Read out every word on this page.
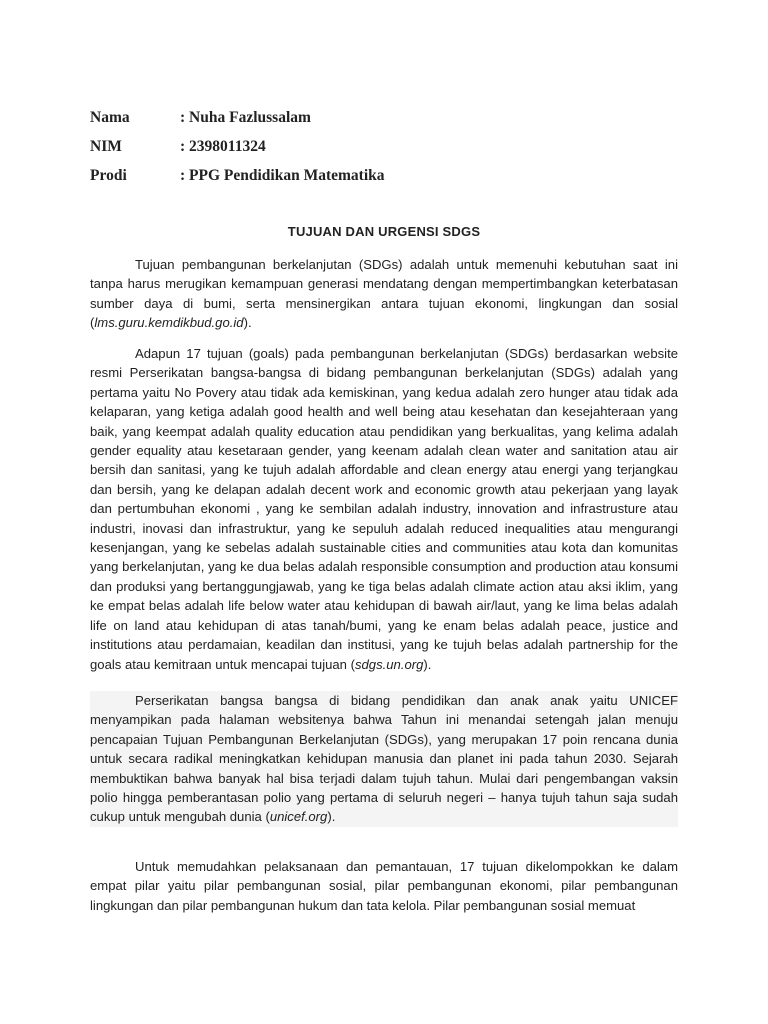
Nama	: Nuha Fazlussalam
NIM	: 2398011324
Prodi	: PPG Pendidikan Matematika
TUJUAN DAN URGENSI SDGS

Tujuan pembangunan berkelanjutan (SDGs) adalah untuk memenuhi kebutuhan saat ini tanpa harus merugikan kemampuan generasi mendatang dengan mempertimbangkan keterbatasan sumber daya di bumi, serta mensinergikan antara tujuan ekonomi, lingkungan dan sosial (lms.guru.kemdikbud.go.id).

Adapun 17 tujuan (goals) pada pembangunan berkelanjutan (SDGs) berdasarkan website resmi Perserikatan bangsa-bangsa di bidang pembangunan berkelanjutan (SDGs) adalah yang pertama yaitu No Povery atau tidak ada kemiskinan, yang kedua adalah zero hunger atau tidak ada kelaparan, yang ketiga adalah good health and well being atau kesehatan dan kesejahteraan yang baik, yang keempat adalah quality education atau pendidikan yang berkualitas, yang kelima adalah gender equality atau kesetaraan gender, yang keenam adalah clean water and sanitation atau air bersih dan sanitasi, yang ke tujuh adalah affordable and clean energy atau energi yang terjangkau dan bersih, yang ke delapan adalah decent work and economic growth atau pekerjaan yang layak dan pertumbuhan ekonomi , yang ke sembilan adalah industry, innovation and infrastrusture atau industri, inovasi dan infrastruktur, yang ke sepuluh adalah reduced inequalities atau mengurangi kesenjangan, yang ke sebelas adalah sustainable cities and communities atau kota dan komunitas yang berkelanjutan, yang ke dua belas adalah responsible consumption and production atau konsumi dan produksi yang bertanggungjawab, yang ke tiga belas adalah climate action atau aksi iklim, yang ke empat belas adalah life below water atau kehidupan di bawah air/laut, yang ke lima belas adalah life on land atau kehidupan di atas tanah/bumi, yang ke enam belas adalah peace, justice and institutions atau perdamaian, keadilan dan institusi, yang ke tujuh belas adalah partnership for the goals atau kemitraan untuk mencapai tujuan (sdgs.un.org).

Perserikatan bangsa bangsa di bidang pendidikan dan anak anak yaitu UNICEF menyampikan pada halaman websitenya bahwa Tahun ini menandai setengah jalan menuju pencapaian Tujuan Pembangunan Berkelanjutan (SDGs), yang merupakan 17 poin rencana dunia untuk secara radikal meningkatkan kehidupan manusia dan planet ini pada tahun 2030. Sejarah membuktikan bahwa banyak hal bisa terjadi dalam tujuh tahun. Mulai dari pengembangan vaksin polio hingga pemberantasan polio yang pertama di seluruh negeri – hanya tujuh tahun saja sudah cukup untuk mengubah dunia (unicef.org).

Untuk memudahkan pelaksanaan dan pemantauan, 17 tujuan dikelompokkan ke dalam empat pilar yaitu pilar pembangunan sosial, pilar pembangunan ekonomi, pilar pembangunan lingkungan dan pilar pembangunan hukum dan tata kelola. Pilar pembangunan sosial memuat
